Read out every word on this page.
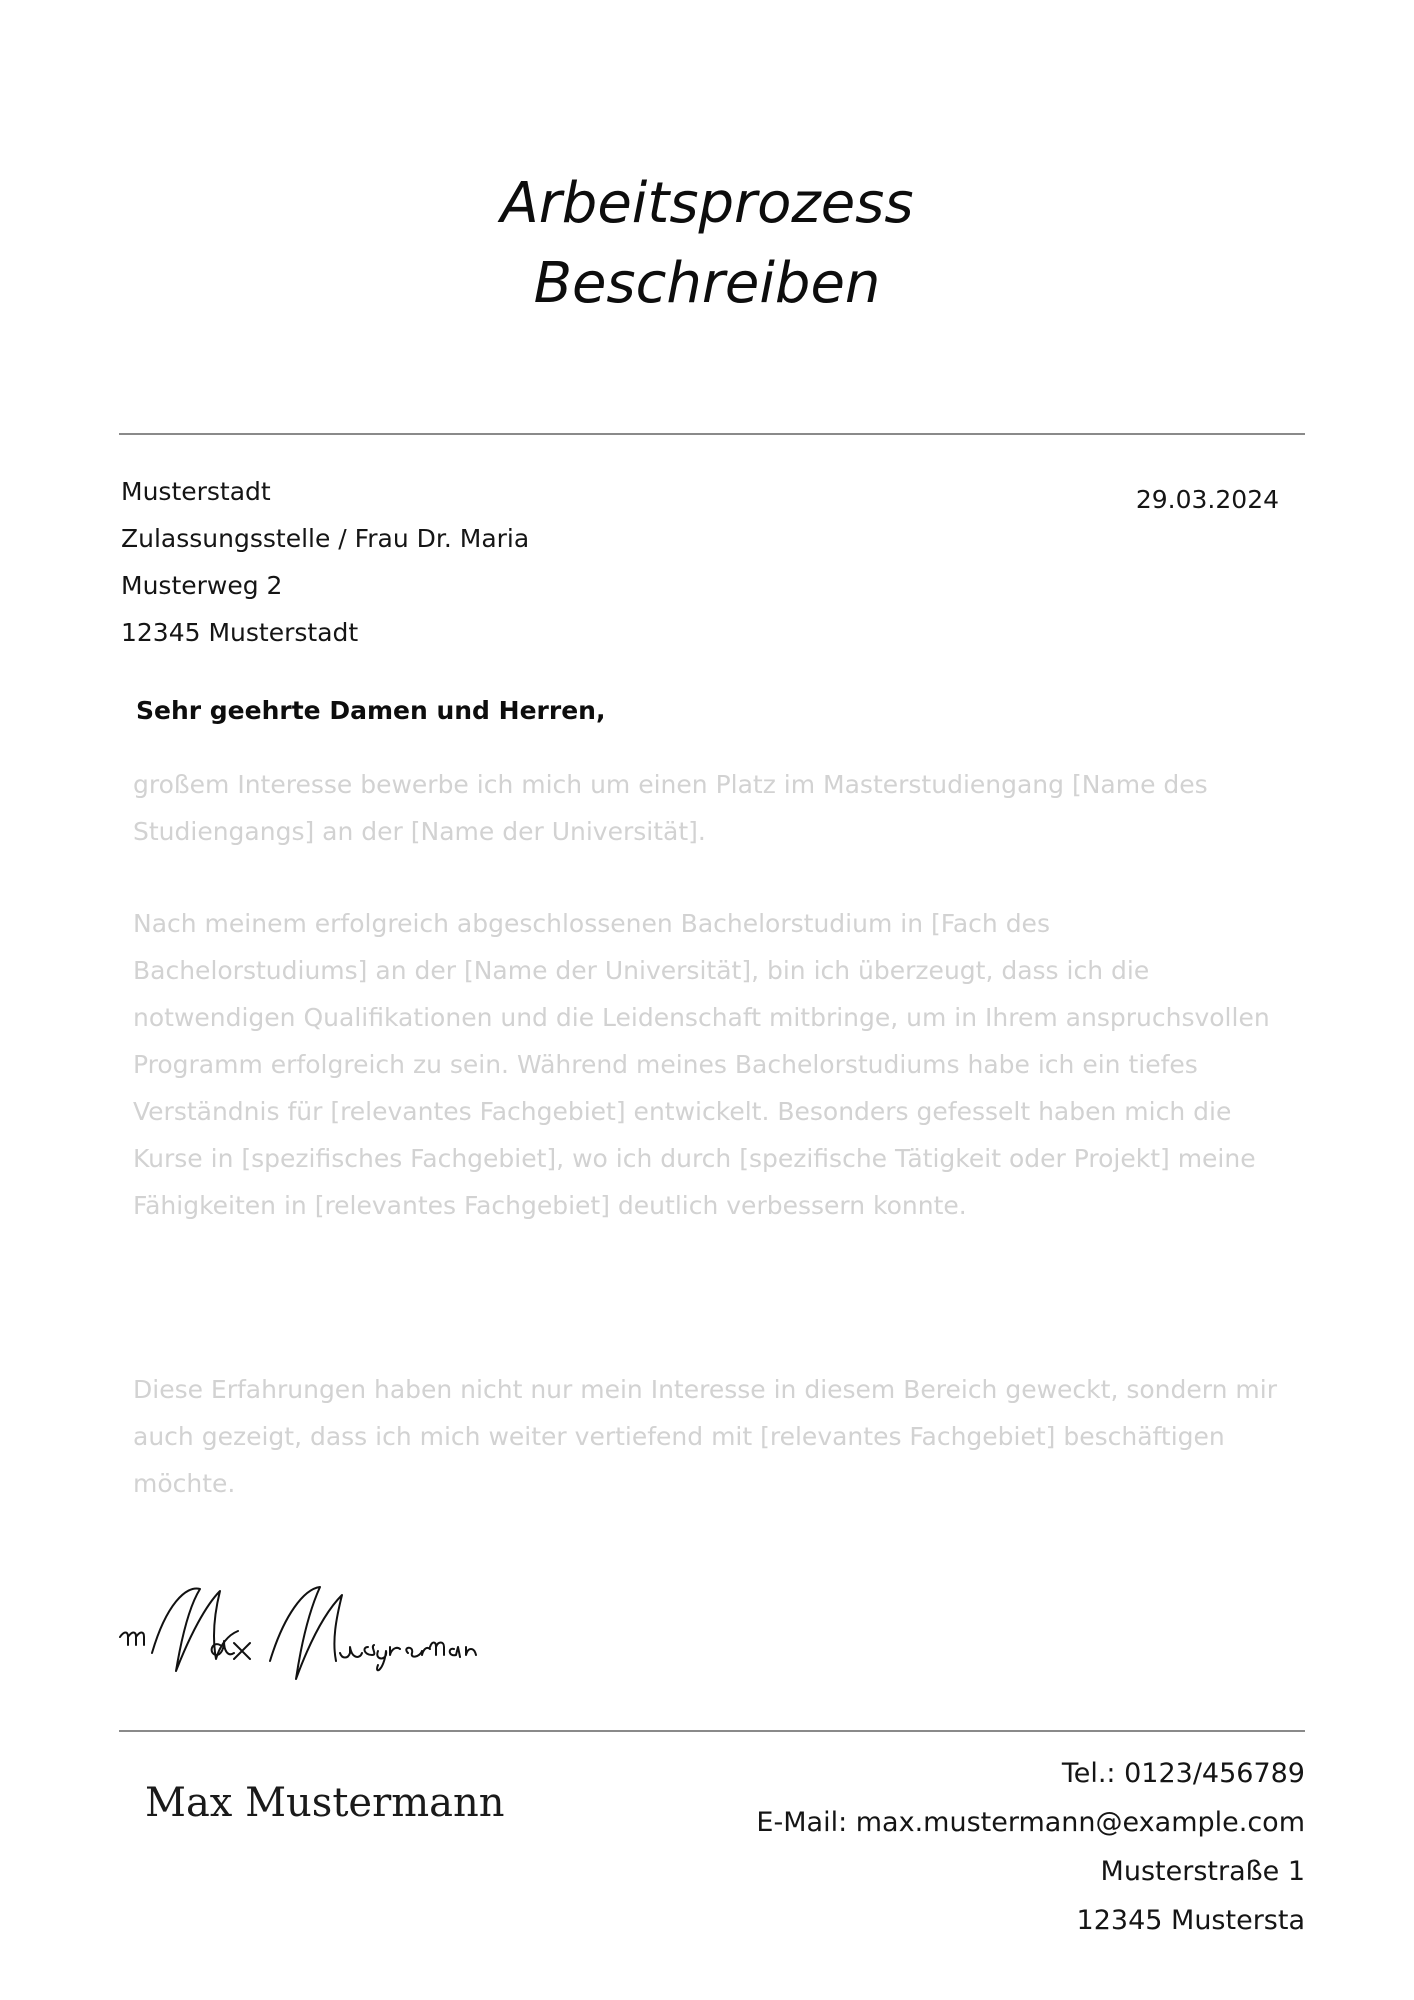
Arbeitsprozess
Beschreiben
Musterstadt
Zulassungsstelle / Frau Dr. Maria
Musterweg 2
12345 Musterstadt
29.03.2024
Sehr geehrte Damen und Herren,
großem Interesse bewerbe ich mich um einen Platz im Masterstudiengang [Name des Studiengangs] an der [Name der Universität].
Nach meinem erfolgreich abgeschlossenen Bachelorstudium in [Fach des Bachelorstudiums] an der [Name der Universität], bin ich überzeugt, dass ich die notwendigen Qualifikationen und die Leidenschaft mitbringe, um in Ihrem anspruchsvollen Programm erfolgreich zu sein. Während meines Bachelorstudiums habe ich ein tiefes Verständnis für [relevantes Fachgebiet] entwickelt. Besonders gefesselt haben mich die Kurse in [spezifisches Fachgebiet], wo ich durch [spezifische Tätigkeit oder Projekt] meine Fähigkeiten in [relevantes Fachgebiet] deutlich verbessern konnte.
Diese Erfahrungen haben nicht nur mein Interesse in diesem Bereich geweckt, sondern mir auch gezeigt, dass ich mich weiter vertiefend mit [relevantes Fachgebiet] beschäftigen möchte.
Max Mustermann
Tel.: 0123/456789
E-Mail: max.mustermann@example.com
Musterstraße 1
12345 Mustersta
